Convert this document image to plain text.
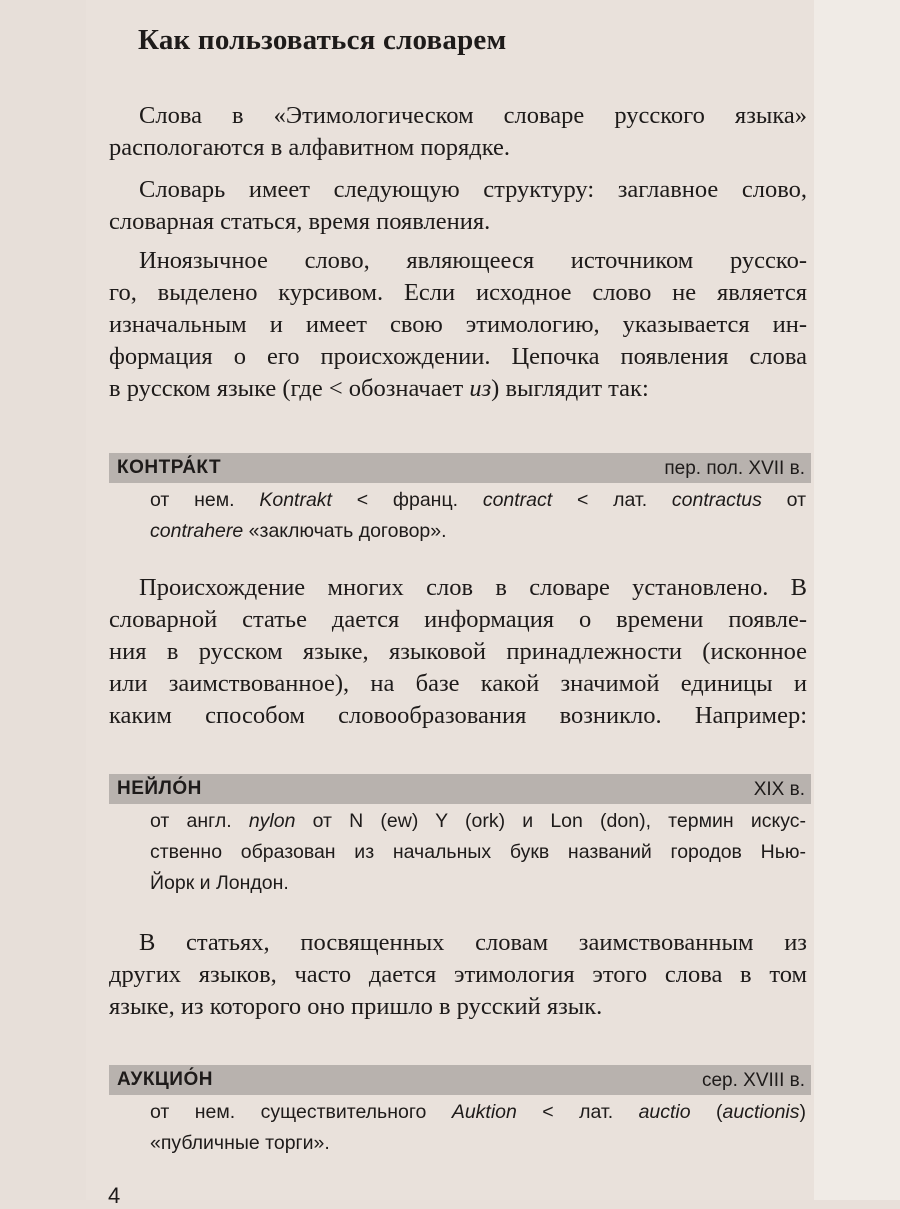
Как пользоваться словарем
Слова в «Этимологическом словаре русского языка»
распологаются в алфавитном порядке.
Словарь имеет следующую структуру: заглавное слово,
словарная статься, время появления.
Иноязычное слово, являющееся источником русско-
го, выделено курсивом. Если исходное слово не является
изначальным и имеет свою этимологию, указывается ин-
формация о его происхождении. Цепочка появления слова
в русском языке (где < обозначает из) выглядит так:
КОНТРА́КТ	пер. пол. XVII в.
от нем. Kontrakt < франц. contract < лат. contractus от
contrahere «заключать договор».
Происхождение многих слов в словаре установлено. В
словарной статье дается информация о времени появле-
ния в русском языке, языковой принадлежности (исконное
или заимствованное), на базе какой значимой единицы и
каким способом словообразования возникло. Например:
НЕЙЛО́Н	XIX в.
от англ. nylon от N (ew) Y (ork) и Lon (don), термин искус-
ственно образован из начальных букв названий городов Нью-
Йорк и Лондон.
В статьях, посвященных словам заимствованным из
других языков, часто дается этимология этого слова в том
языке, из которого оно пришло в русский язык.
АУКЦИО́Н	сер. XVIII в.
от нем. существительного Auktion < лат. auctio (auctionis)
«публичные торги».
4
